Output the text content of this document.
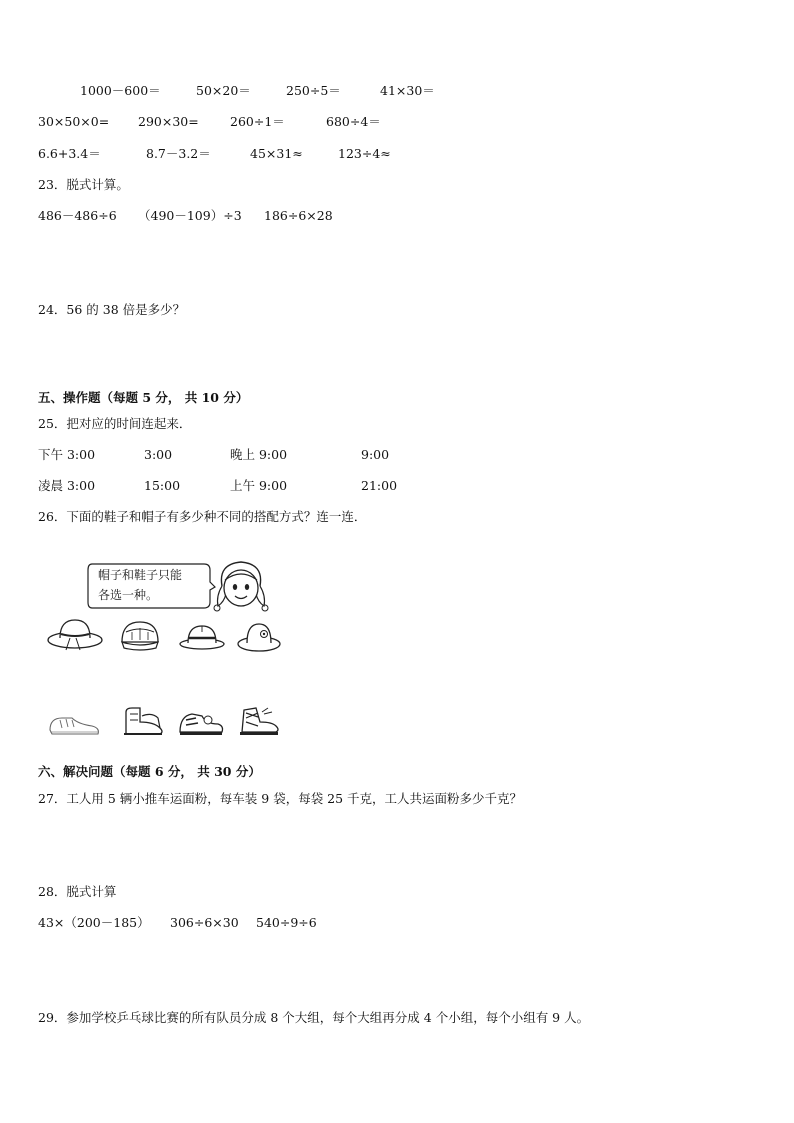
1000－600＝	50×20＝	250÷5＝	41×30＝
30×50×0= 290×30=	260÷1＝	680÷4＝
6.6+3.4＝	8.7－3.2＝	45×31≈	123÷4≈
23．脱式计算。
486－486÷6 （490－109）÷3 186÷6×28
24．56 的 38 倍是多少？
五、操作题（每题 5 分， 共 10 分）
25．把对应的时间连起来．
下午 3:00	3:00	晚上 9:00	9:00
凌晨 3:00	15:00	上午 9:00	21:00
26．下面的鞋子和帽子有多少种不同的搭配方式？连一连．
帽子和鞋子只能
各选一种。
六、解决问题（每题 6 分， 共 30 分）
27．工人用 5 辆小推车运面粉，每车装 9 袋，每袋 25 千克，工人共运面粉多少千克？
28．脱式计算
43×（200－185） 306÷6×30 540÷9÷6
29．参加学校乒乓球比赛的所有队员分成 8 个大组，每个大组再分成 4 个小组，每个小组有 9 人。
